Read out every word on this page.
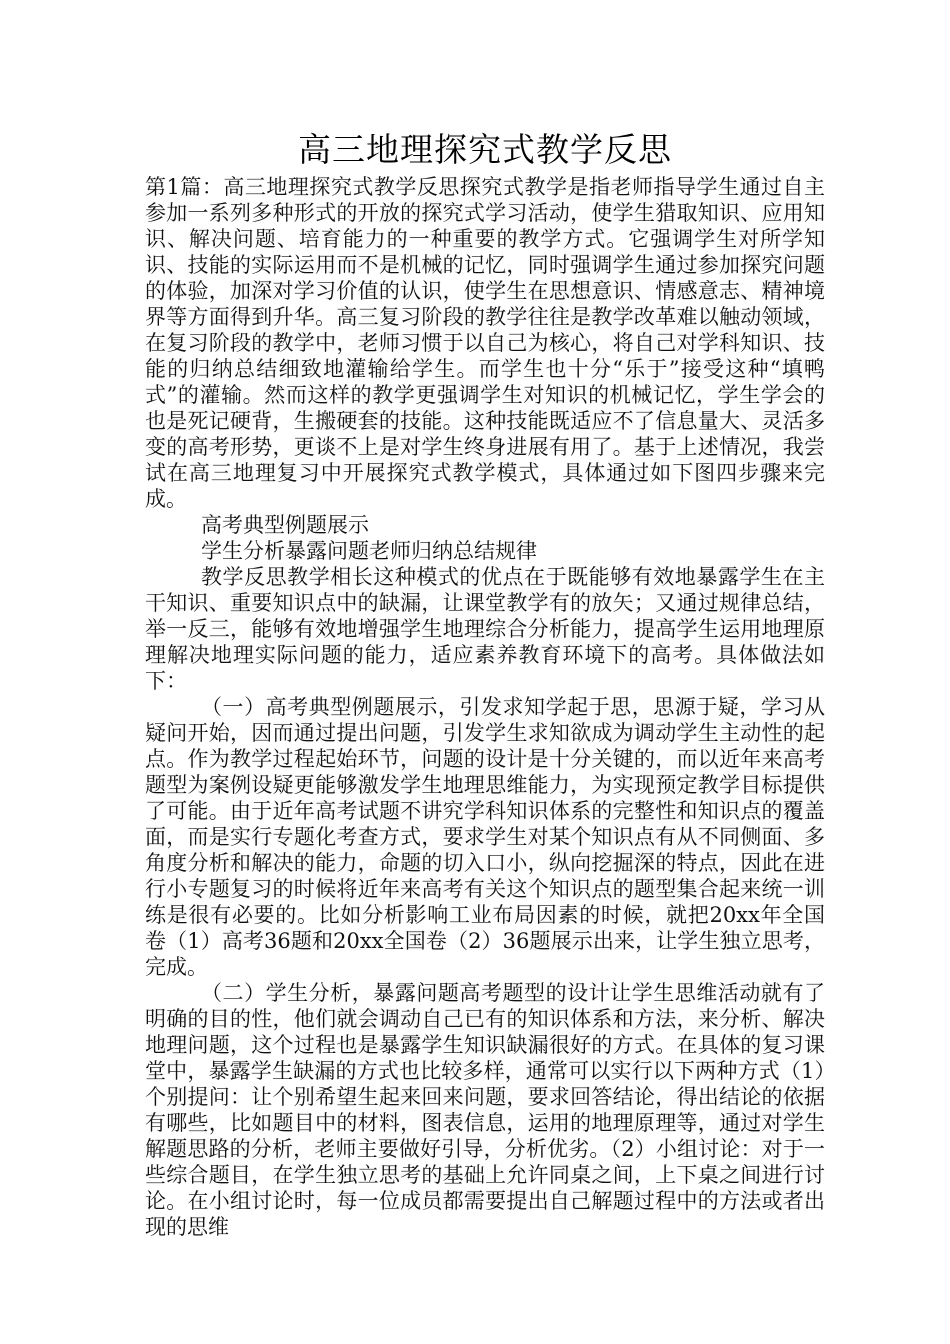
高三地理探究式教学反思

第1篇：高三地理探究式教学反思探究式教学是指老师指导学生通过自主参加一系列多种形式的开放的探究式学习活动，使学生猎取知识、应用知识、解决问题、培育能力的一种重要的教学方式。它强调学生对所学知识、技能的实际运用而不是机械的记忆，同时强调学生通过参加探究问题的体验，加深对学习价值的认识，使学生在思想意识、情感意志、精神境界等方面得到升华。高三复习阶段的教学往往是教学改革难以触动领域，在复习阶段的教学中，老师习惯于以自己为核心，将自己对学科知识、技能的归纳总结细致地灌输给学生。而学生也十分“乐于”接受这种“填鸭式”的灌输。然而这样的教学更强调学生对知识的机械记忆，学生学会的也是死记硬背，生搬硬套的技能。这种技能既适应不了信息量大、灵活多变的高考形势，更谈不上是对学生终身进展有用了。基于上述情况，我尝试在高三地理复习中开展探究式教学模式，具体通过如下图四步骤来完成。

高考典型例题展示

学生分析暴露问题老师归纳总结规律

教学反思教学相长这种模式的优点在于既能够有效地暴露学生在主干知识、重要知识点中的缺漏，让课堂教学有的放矢；又通过规律总结，举一反三，能够有效地增强学生地理综合分析能力，提高学生运用地理原理解决地理实际问题的能力，适应素养教育环境下的高考。具体做法如下：

（一）高考典型例题展示，引发求知学起于思，思源于疑，学习从疑问开始，因而通过提出问题，引发学生求知欲成为调动学生主动性的起点。作为教学过程起始环节，问题的设计是十分关键的，而以近年来高考题型为案例设疑更能够激发学生地理思维能力，为实现预定教学目标提供了可能。由于近年高考试题不讲究学科知识体系的完整性和知识点的覆盖面，而是实行专题化考查方式，要求学生对某个知识点有从不同侧面、多角度分析和解决的能力，命题的切入口小，纵向挖掘深的特点，因此在进行小专题复习的时候将近年来高考有关这个知识点的题型集合起来统一训练是很有必要的。比如分析影响工业布局因素的时候，就把20xx年全国卷（1）高考36题和20xx全国卷（2）36题展示出来，让学生独立思考，完成。

（二）学生分析，暴露问题高考题型的设计让学生思维活动就有了明确的目的性，他们就会调动自己已有的知识体系和方法，来分析、解决地理问题，这个过程也是暴露学生知识缺漏很好的方式。在具体的复习课堂中，暴露学生缺漏的方式也比较多样，通常可以实行以下两种方式（1）个别提问：让个别希望生起来回来问题，要求回答结论，得出结论的依据有哪些，比如题目中的材料，图表信息，运用的地理原理等，通过对学生解题思路的分析，老师主要做好引导，分析优劣。（2）小组讨论：对于一些综合题目，在学生独立思考的基础上允许同桌之间，上下桌之间进行讨论。在小组讨论时，每一位成员都需要提出自己解题过程中的方法或者出现的思维
